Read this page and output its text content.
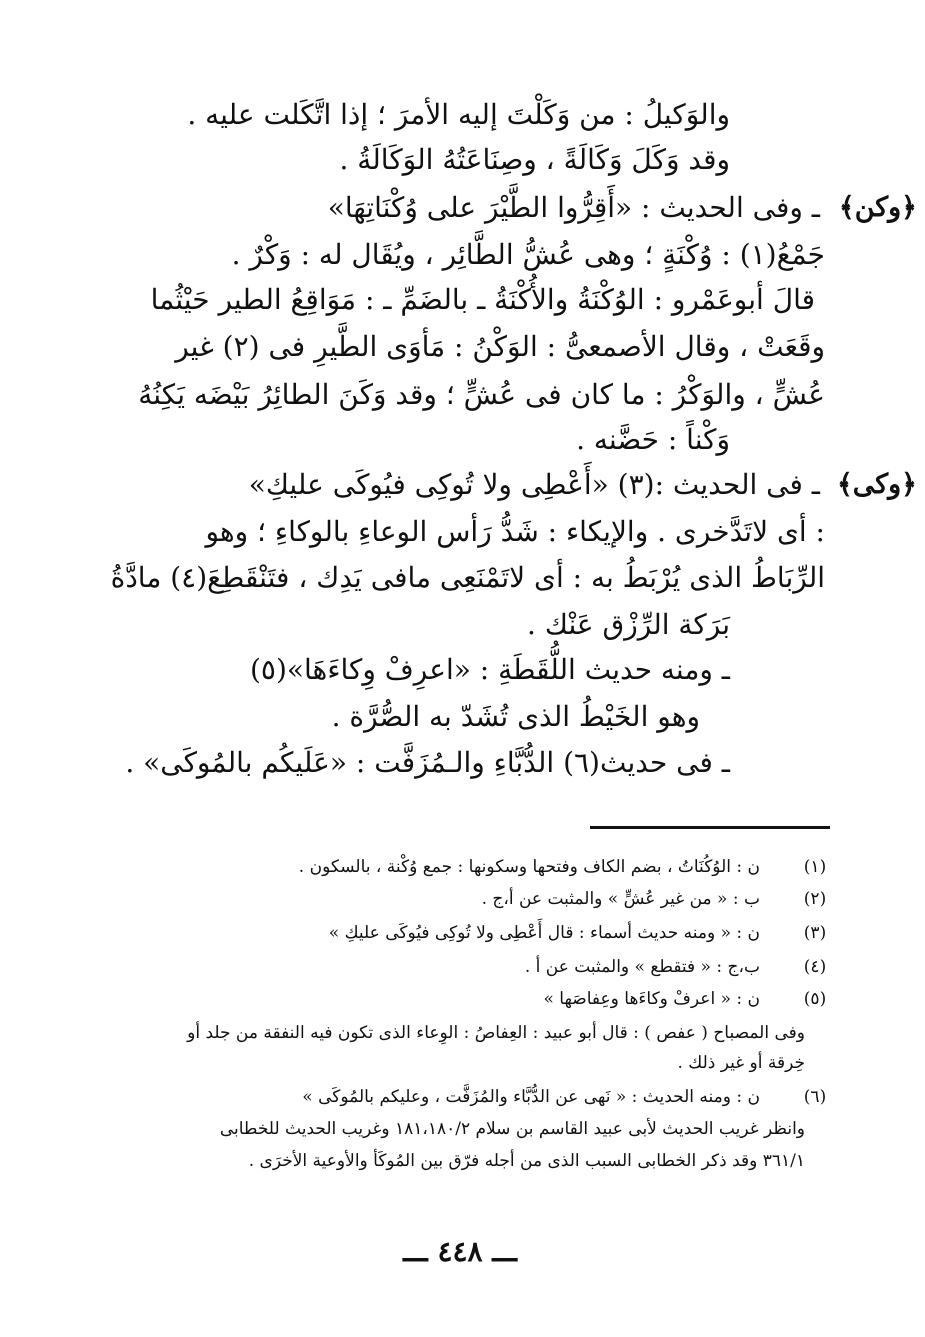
والوَكيلُ : من وَكَلْتَ إليه الأمرَ ؛ إذا اتَّكَلت عليه .
وقد وَكَلَ وَكَالَةً ، وصِنَاعَتُهُ الوَكَالَةُ .
﴿وكن﴾
ـ وفى الحديث : «أَقِرُّوا الطَّيْرَ على وُكْنَاتِهَا»
جَمْعُ(١) : وُكْنَةٍ ؛ وهى عُشُّ الطَّائِر ، ويُقَال له : وَكْرٌ .
قالَ أبوعَمْرو : الوُكْنَةُ والأُكْنَةُ ـ بالضَمِّ ـ : مَوَاقِعُ الطير حَيْثُما
وقَعَتْ ، وقال الأصمعىُّ : الوَكْنُ : مَأوَى الطَّيرِ فى (٢) غير
عُشٍّ ، والوَكْرُ : ما كان فى عُشٍّ ؛ وقد وَكَنَ الطائِرُ بَيْضَه يَكِنُهُ
وَكْناً : حَضَّنه .
﴿وكى﴾
ـ فى الحديث :(٣) «أَعْطِى ولا تُوكِى فيُوكَى عليكِ»
: أى لاتَدَّخرى . والإيكاء : شَدُّ رَأس الوعاءِ بالوكاءِ ؛ وهو
الرِّبَاطُ الذى يُرْبَطُ به : أى لاتَمْنَعِى مافى يَدِك ، فتَنْقَطِعَ(٤) مادَّةُ
بَرَكة الرِّزْق عَنْك .
ـ ومنه حديث اللُّقَطَةِ : «اعرِفْ وِكاءَهَا»(٥)
وهو الخَيْطُ الذى تُشَدّ به الصُّرَّة .
ـ فى حديث(٦) الدُّبَّاءِ والـمُزَفَّت : «عَلَيكُم بالمُوكَى» .
(١)
ن : الوُكُنَاتُ ، بضم الكاف وفتحها وسكونها : جمع وُكْنة ، بالسكون .
(٢)
ب : « من غير عُشٍّ » والمثبت عن أ،ج .
(٣)
ن : « ومنه حديث أسماء : قال أَعْطِى ولا تُوكِى فيُوكَى عليكِ »
(٤)
ب،ج : « فتقطع » والمثبت عن أ .
(٥)
ن : « اعرفْ وكاءَها وعِفاصَها »
وفى المصباح ( عفص ) : قال أبو عبيد : العِفاصُ : الوِعاء الذى تكون فيه النفقة من جلد أو
خِرقة أو غير ذلك .
(٦)
ن : ومنه الحديث : « نَهى عن الدُّبَّاء والمُزَفَّت ، وعليكم بالمُوكَى »
وانظر غريب الحديث لأبى عبيد القاسم بن سلام ١٨١،١٨٠/٢ وغريب الحديث للخطابى
٣٦١/١ وقد ذكر الخطابى السبب الذى من أجله فرّق بين المُوكَأ والأوعية الأخرَى .
ـــ ٤٤٨ ـــ
